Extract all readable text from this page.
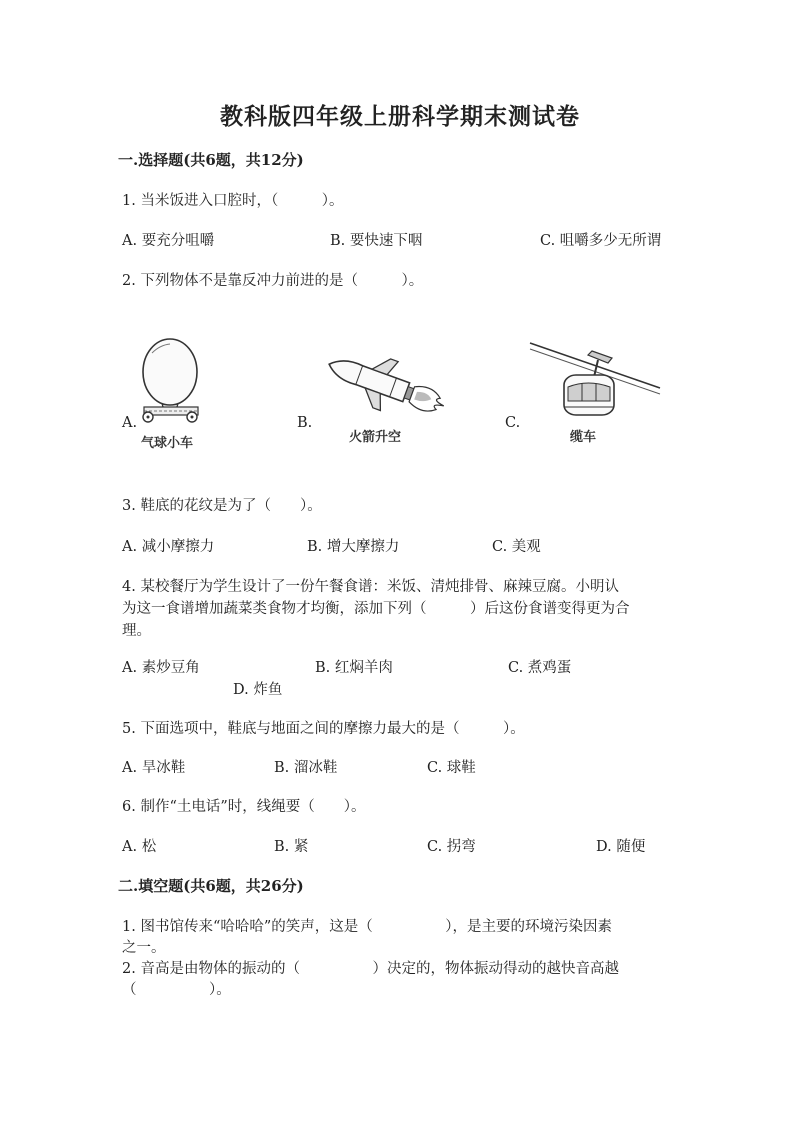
教科版四年级上册科学期末测试卷
一.选择题(共6题，共12分)
1. 当米饭进入口腔时，（　　　）。
A. 要充分咀嚼	B. 要快速下咽	C. 咀嚼多少无所谓
2. 下列物体不是靠反冲力前进的是（　　　）。
A.	B.	C.
气球小车	火箭升空	缆车
3. 鞋底的花纹是为了（　　）。
A. 减小摩擦力	B. 增大摩擦力	C. 美观
4. 某校餐厅为学生设计了一份午餐食谱：米饭、清炖排骨、麻辣豆腐。小明认
为这一食谱增加蔬菜类食物才均衡，添加下列（　　　）后这份食谱变得更为合
理。
A. 素炒豆角	B. 红焖羊肉	C. 煮鸡蛋
D. 炸鱼
5. 下面选项中，鞋底与地面之间的摩擦力最大的是（　　　）。
A. 旱冰鞋	B. 溜冰鞋	C. 球鞋
6. 制作“土电话”时，线绳要（　　）。
A. 松	B. 紧	C. 拐弯	D. 随便
二.填空题(共6题，共26分)
1. 图书馆传来“哈哈哈”的笑声，这是（　　　　　），是主要的环境污染因素
之一。
2. 音高是由物体的振动的（　　　　　）决定的，物体振动得动的越快音高越
（　　　　　）。
